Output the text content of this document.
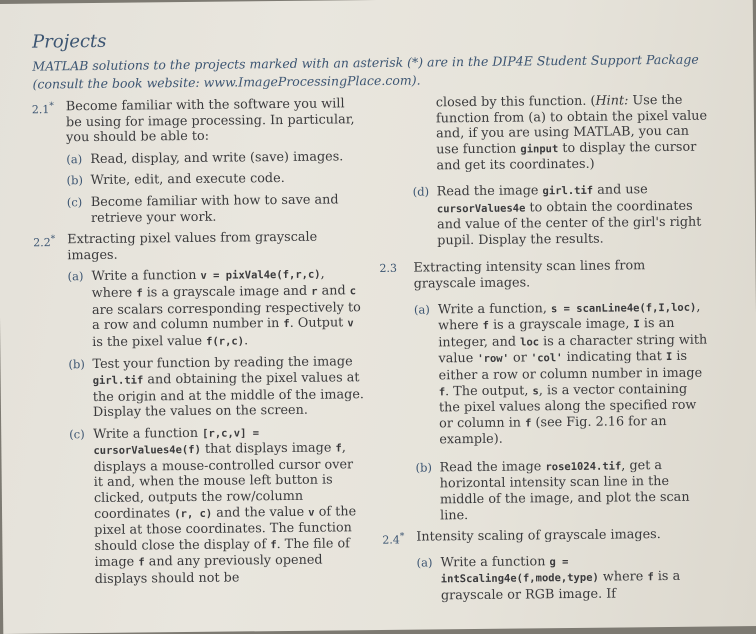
Projects
MATLAB solutions to the projects marked with an asterisk (*) are in the DIP4E Student Support Package (consult the book website: www.ImageProcessingPlace.com).
2.1* Become familiar with the software you will be using for image processing. In particular, you should be able to:
(a) Read, display, and write (save) images.
(b) Write, edit, and execute code.
(c) Become familiar with how to save and retrieve your work.
2.2* Extracting pixel values from grayscale images.
(a) Write a function v = pixVal4e(f,r,c), where f is a grayscale image and r and c are scalars corresponding respectively to a row and column number in f. Output v is the pixel value f(r,c).
(b) Test your function by reading the image girl.tif and obtaining the pixel values at the origin and at the middle of the image. Display the values on the screen.
(c) Write a function [r,c,v] = cursorValues4e(f) that displays image f, displays a mouse-controlled cursor over it and, when the mouse left button is clicked, outputs the row/column coordinates (r, c) and the value v of the pixel at those coordinates. The function should close the display of f. The file of image f and any previously opened displays should not be
closed by this function. (Hint: Use the function from (a) to obtain the pixel value and, if you are using MATLAB, you can use function ginput to display the cursor and get its coordinates.)
(d) Read the image girl.tif and use cursorValues4e to obtain the coordinates and value of the center of the girl's right pupil. Display the results.
2.3 Extracting intensity scan lines from grayscale images.
(a) Write a function, s = scanLine4e(f,I,loc), where f is a grayscale image, I is an integer, and loc is a character string with value 'row' or 'col' indicating that I is either a row or column number in image f. The output, s, is a vector containing the pixel values along the specified row or column in f (see Fig. 2.16 for an example).
(b) Read the image rose1024.tif, get a horizontal intensity scan line in the middle of the image, and plot the scan line.
2.4* Intensity scaling of grayscale images.
(a) Write a function g = intScaling4e(f,mode,type) where f is a grayscale or RGB image. If
